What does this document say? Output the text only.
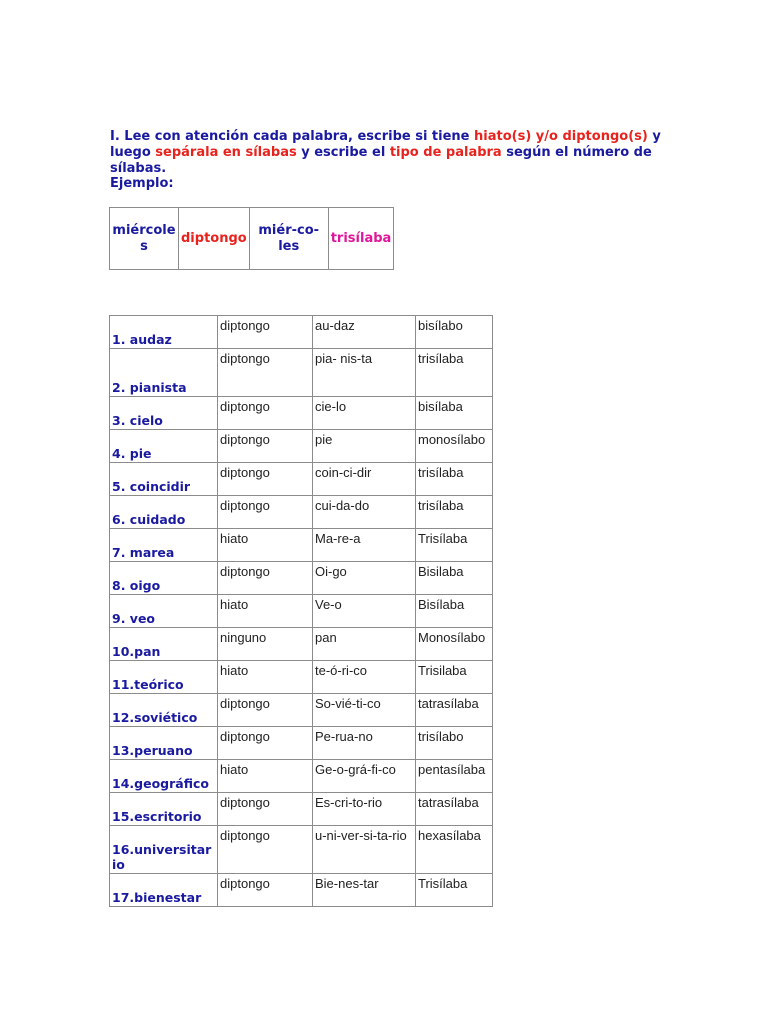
I. Lee con atención cada palabra, escribe si tiene hiato(s) y/o diptongo(s) y luego sepárala en sílabas y escribe el tipo de palabra según el número de sílabas.

Ejemplo:

miércoles	diptongo	miér-co-les	trisílaba
1. audaz	diptongo	au-daz	bisílabo
2. pianista	diptongo	pia- nis-ta	trisílaba
3. cielo	diptongo	cie-lo	bisílaba
4. pie	diptongo	pie	monosílabo
5. coincidir	diptongo	coin-ci-dir	trisílaba
6. cuidado	diptongo	cui-da-do	trisílaba
7. marea	hiato	Ma-re-a	Trisílaba
8. oigo	diptongo	Oi-go	Bisilaba
9. veo	hiato	Ve-o	Bisílaba
10.pan	ninguno	pan	Monosílabo
11.teórico	hiato	te-ó-ri-co	Trisilaba
12.soviético	diptongo	So-vié-ti-co	tatrasílaba
13.peruano	diptongo	Pe-rua-no	trisílabo
14.geográfico	hiato	Ge-o-grá-fi-co	pentasílaba
15.escritorio	diptongo	Es-cri-to-rio	tatrasílaba
16.universitario	diptongo	u-ni-ver-si-ta-rio	hexasílaba
17.bienestar	diptongo	Bie-nes-tar	Trisílaba
